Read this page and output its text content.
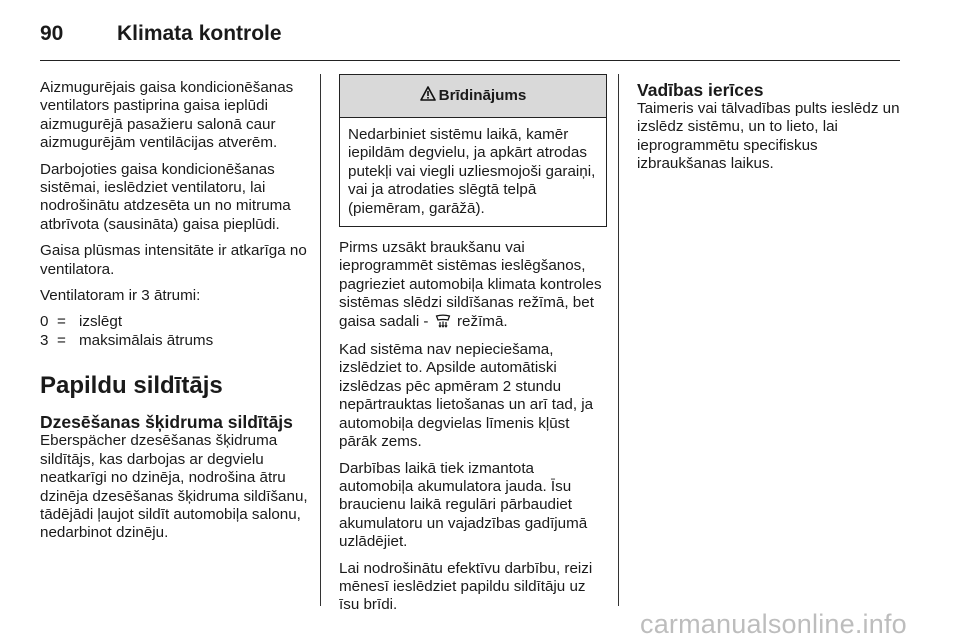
90	Klimata kontrole

Aizmugurējais gaisa kondicionēšanas ventilators pastiprina gaisa ieplūdi aizmugurējā pasažieru salonā caur aizmugurējām ventilācijas atverēm.

Darbojoties gaisa kondicionēšanas sistēmai, ieslēdziet ventilatoru, lai nodrošinātu atdzesēta un no mitruma atbrīvota (sausināta) gaisa pieplūdi.

Gaisa plūsmas intensitāte ir atkarīga no ventilatora.

Ventilatoram ir 3 ātrumi:

0 = izslēgt
3 = maksimālais ātrums
Papildu sildītājs
Dzesēšanas šķidruma sildītājs

Eberspächer dzesēšanas šķidruma sildītājs, kas darbojas ar degvielu neatkarīgi no dzinēja, nodrošina ātru dzinēja dzesēšanas šķidruma sildīšanu, tādējādi ļaujot sildīt automobiļa salonu, nedarbinot dzinēju.

Brīdinājums
Nedarbiniet sistēmu laikā, kamēr iepildām degvielu, ja apkārt atrodas putekļi vai viegli uzliesmojoši garaiņi, vai ja atrodaties slēgtā telpā (piemēram, garāžā).

Pirms uzsākt braukšanu vai ieprogrammēt sistēmas ieslēgšanos, pagrieziet automobiļa klimata kontroles sistēmas slēdzi sildīšanas režīmā, bet gaisa sadali - režīmā.

Kad sistēma nav nepieciešama, izslēdziet to. Apsilde automātiski izslēdzas pēc apmēram 2 stundu nepārtrauktas lietošanas un arī tad, ja automobiļa degvielas līmenis kļūst pārāk zems.

Darbības laikā tiek izmantota automobiļa akumulatora jauda. Īsu braucienu laikā regulāri pārbaudiet akumulatoru un vajadzības gadījumā uzlādējiet.

Lai nodrošinātu efektīvu darbību, reizi mēnesī ieslēdziet papildu sildītāju uz īsu brīdi.

Vadības ierīces

Taimeris vai tālvadības pults ieslēdz un izslēdz sistēmu, un to lieto, lai ieprogrammētu specifiskus izbraukšanas laikus.

carmanualsonline.info
